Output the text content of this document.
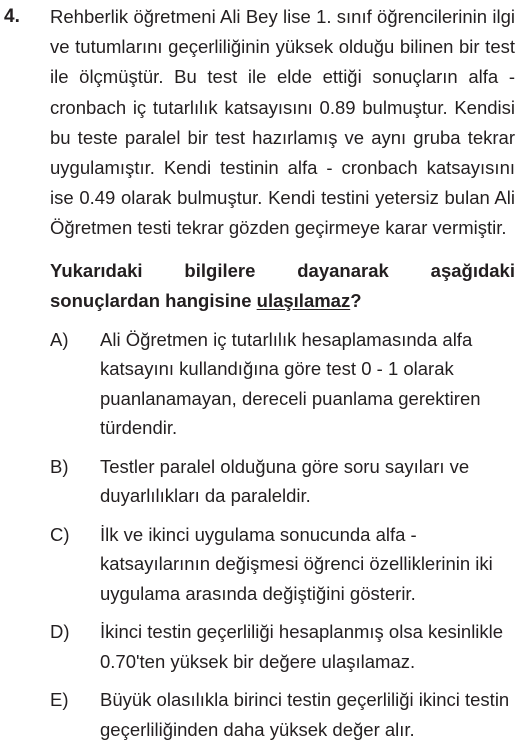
4.	Rehberlik öğretmeni Ali Bey lise 1. sınıf öğrencilerinin ilgi ve tutumlarını geçerliliğinin yüksek olduğu bilinen bir test ile ölçmüştür. Bu test ile elde ettiği sonuçların alfa - cronbach iç tutarlılık katsayısını 0.89 bulmuştur. Kendisi bu teste paralel bir test hazırlamış ve aynı gruba tekrar uygulamıştır. Kendi testinin alfa - cronbach katsayısını ise 0.49 olarak bulmuştur. Kendi testini yetersiz bulan Ali Öğretmen testi tekrar gözden geçirmeye karar vermiştir.

Yukarıdaki bilgilere dayanarak aşağıdaki sonuçlardan hangisine ulaşılamaz?
A)	Ali Öğretmen iç tutarlılık hesaplamasında alfa katsayını kullandığına göre test 0 - 1 olarak puanlanamayan, dereceli puanlama gerektiren türdendir.
B)	Testler paralel olduğuna göre soru sayıları ve duyarlılıkları da paraleldir.
C)	İlk ve ikinci uygulama sonucunda alfa - katsayılarının değişmesi öğrenci özelliklerinin iki uygulama arasında değiştiğini gösterir.
D)	İkinci testin geçerliliği hesaplanmış olsa kesinlikle 0.70'ten yüksek bir değere ulaşılamaz.
E)	Büyük olasılıkla birinci testin geçerliliği ikinci testin geçerliliğinden daha yüksek değer alır.
